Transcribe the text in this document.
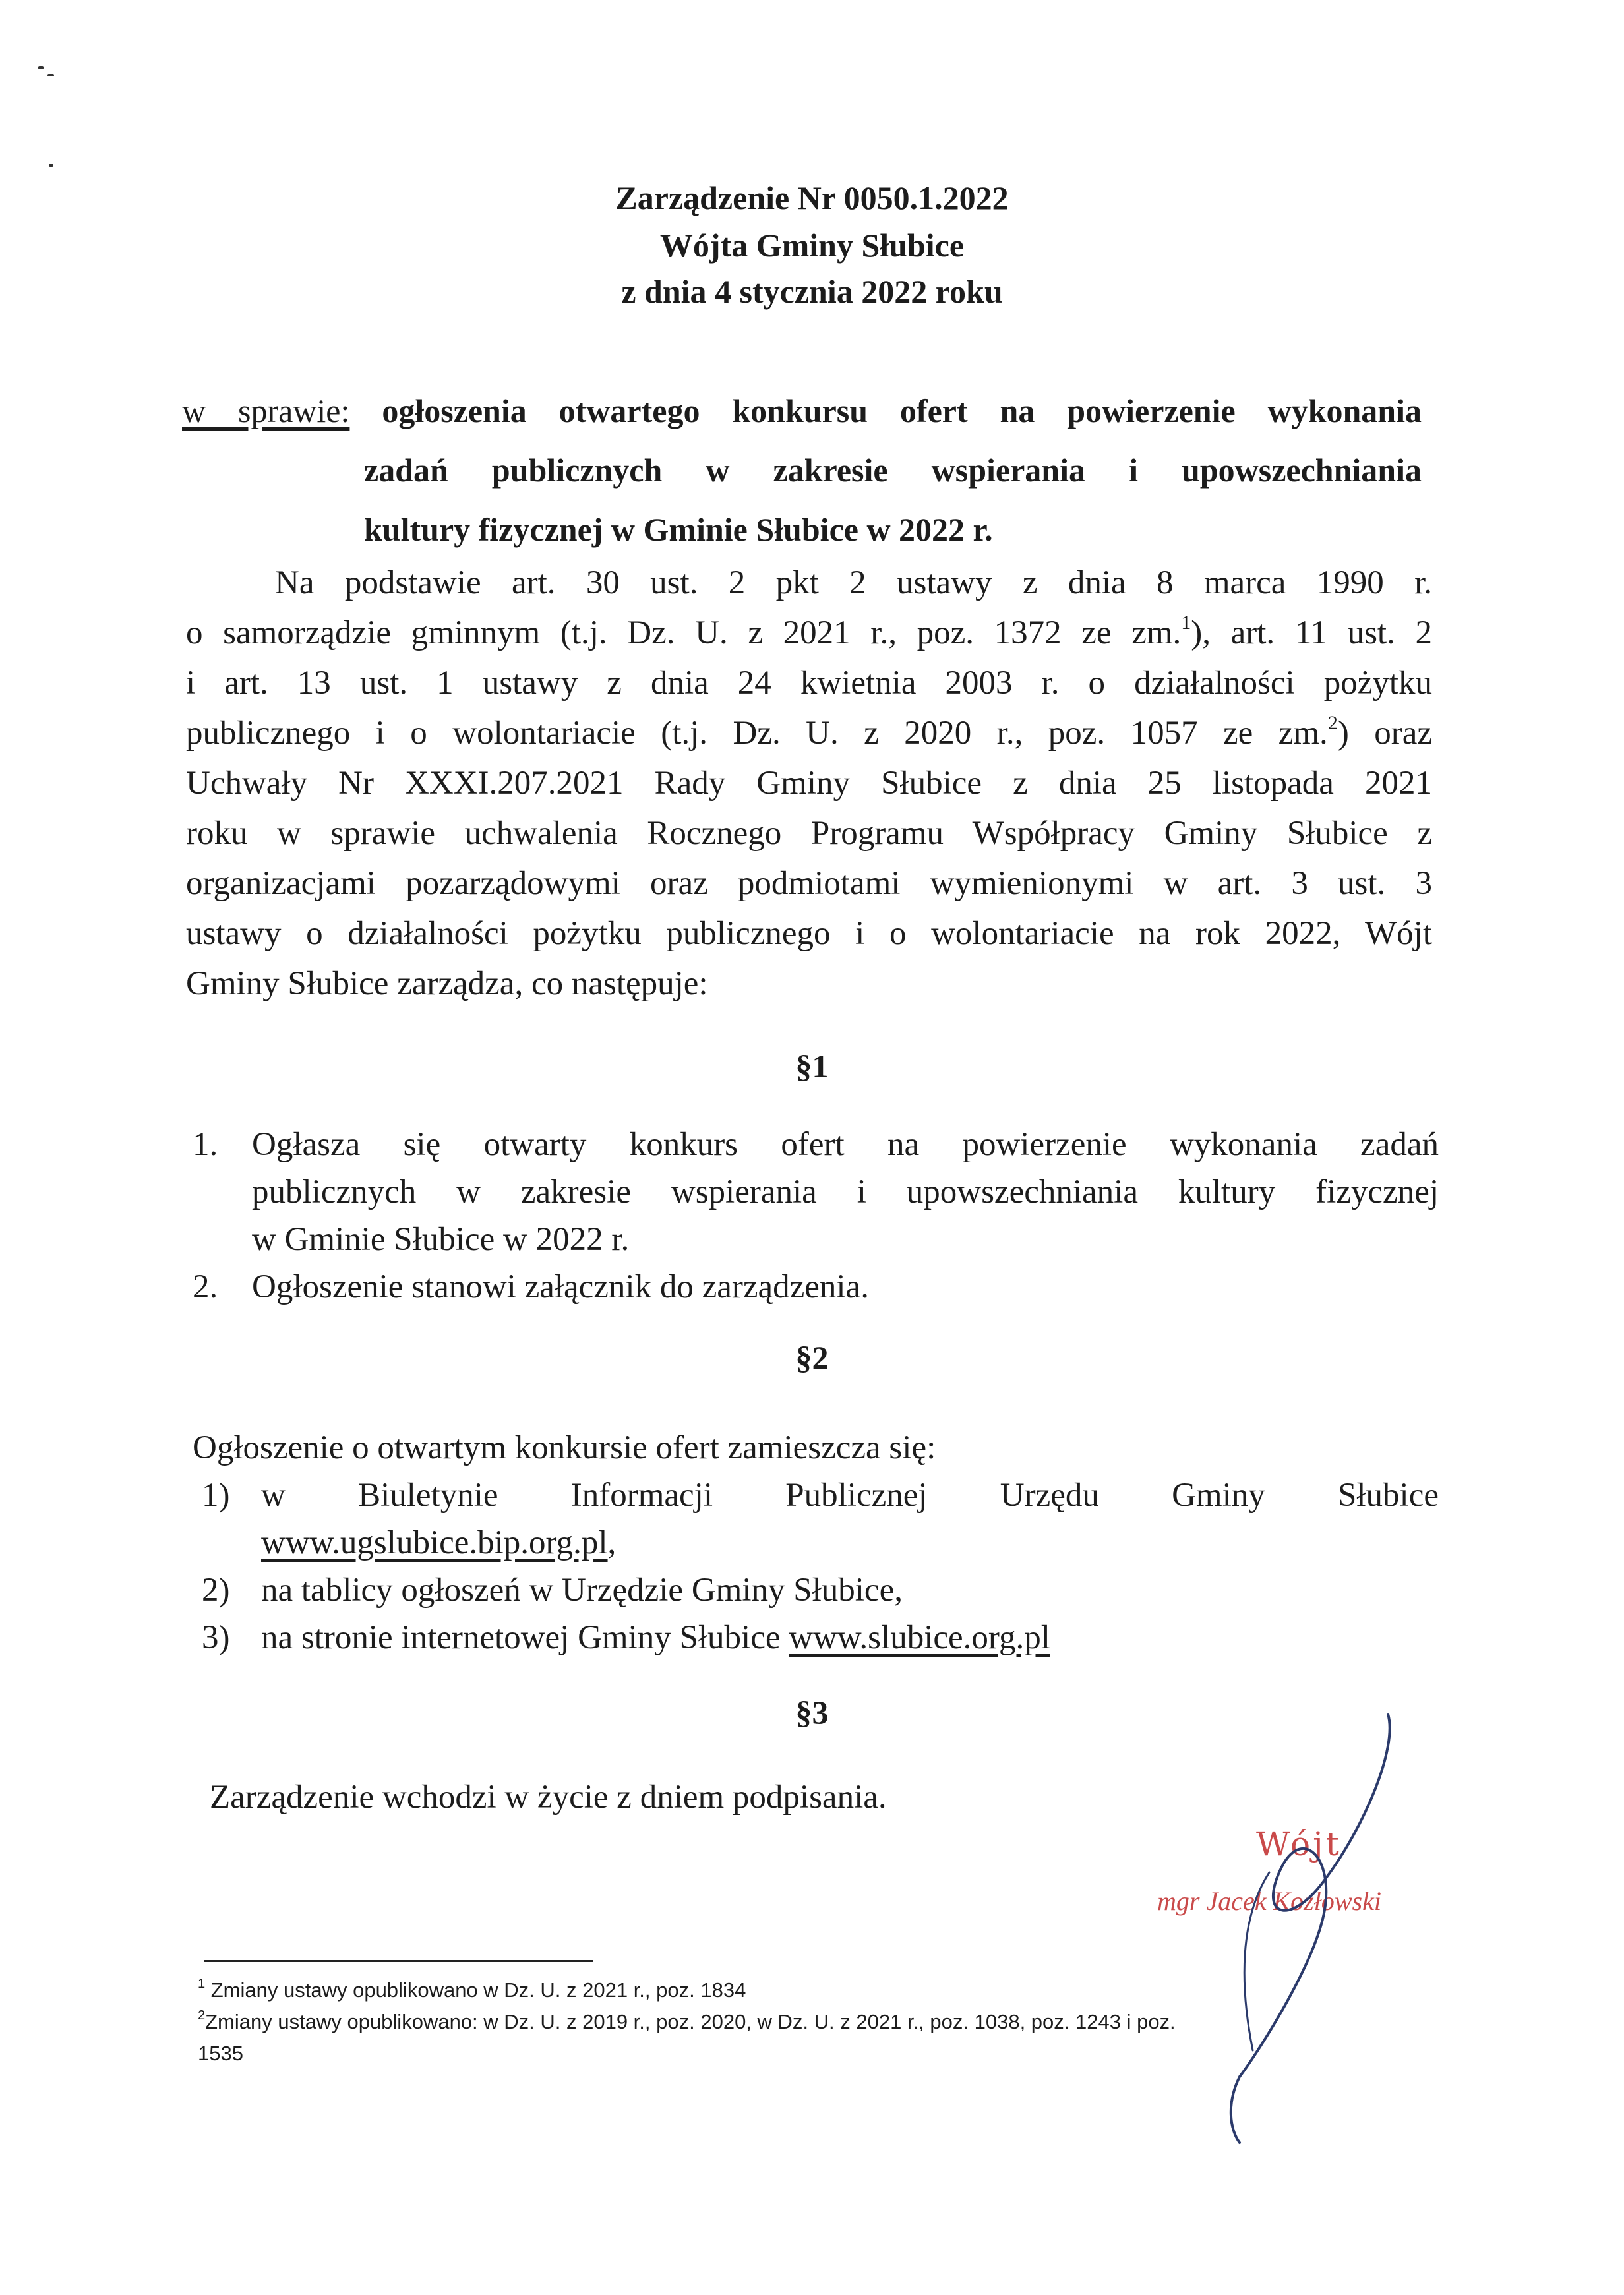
Zarządzenie Nr 0050.1.2022
Wójta Gminy Słubice
z dnia 4 stycznia 2022 roku
w sprawie: ogłoszenia otwartego konkursu ofert na powierzenie wykonania
zadań publicznych w zakresie wspierania i upowszechniania
kultury fizycznej w Gminie Słubice w 2022 r.
Na podstawie art. 30 ust. 2 pkt 2 ustawy z dnia 8 marca 1990 r.
o samorządzie gminnym (t.j. Dz. U. z 2021 r., poz. 1372 ze zm.$^1$), art. 11 ust. 2
i art. 13 ust. 1 ustawy z dnia 24 kwietnia 2003 r. o działalności pożytku
publicznego i o wolontariacie (t.j. Dz. U. z 2020 r., poz. 1057 ze zm.$^2$) oraz
Uchwały Nr XXXI.207.2021 Rady Gminy Słubice z dnia 25 listopada 2021
roku w sprawie uchwalenia Rocznego Programu Współpracy Gminy Słubice z
organizacjami pozarządowymi oraz podmiotami wymienionymi w art. 3 ust. 3
ustawy o działalności pożytku publicznego i o wolontariacie na rok 2022, Wójt
Gminy Słubice zarządza, co następuje:
§1
1. Ogłasza się otwarty konkurs ofert na powierzenie wykonania zadań
publicznych w zakresie wspierania i upowszechniania kultury fizycznej
w Gminie Słubice w 2022 r.
2. Ogłoszenie stanowi załącznik do zarządzenia.
§2
Ogłoszenie o otwartym konkursie ofert zamieszcza się:
1) w Biuletynie Informacji Publicznej Urzędu Gminy Słubice
www.ugslubice.bip.org.pl,
2) na tablicy ogłoszeń w Urzędzie Gminy Słubice,
3) na stronie internetowej Gminy Słubice www.slubice.org.pl
§3
Zarządzenie wchodzi w życie z dniem podpisania.
Wójt
mgr Jacek Kozłowski
$^1$ Zmiany ustawy opublikowano w Dz. U. z 2021 r., poz. 1834
$^2$Zmiany ustawy opublikowano: w Dz. U. z 2019 r., poz. 2020, w Dz. U. z 2021 r., poz. 1038, poz. 1243 i poz.
1535
